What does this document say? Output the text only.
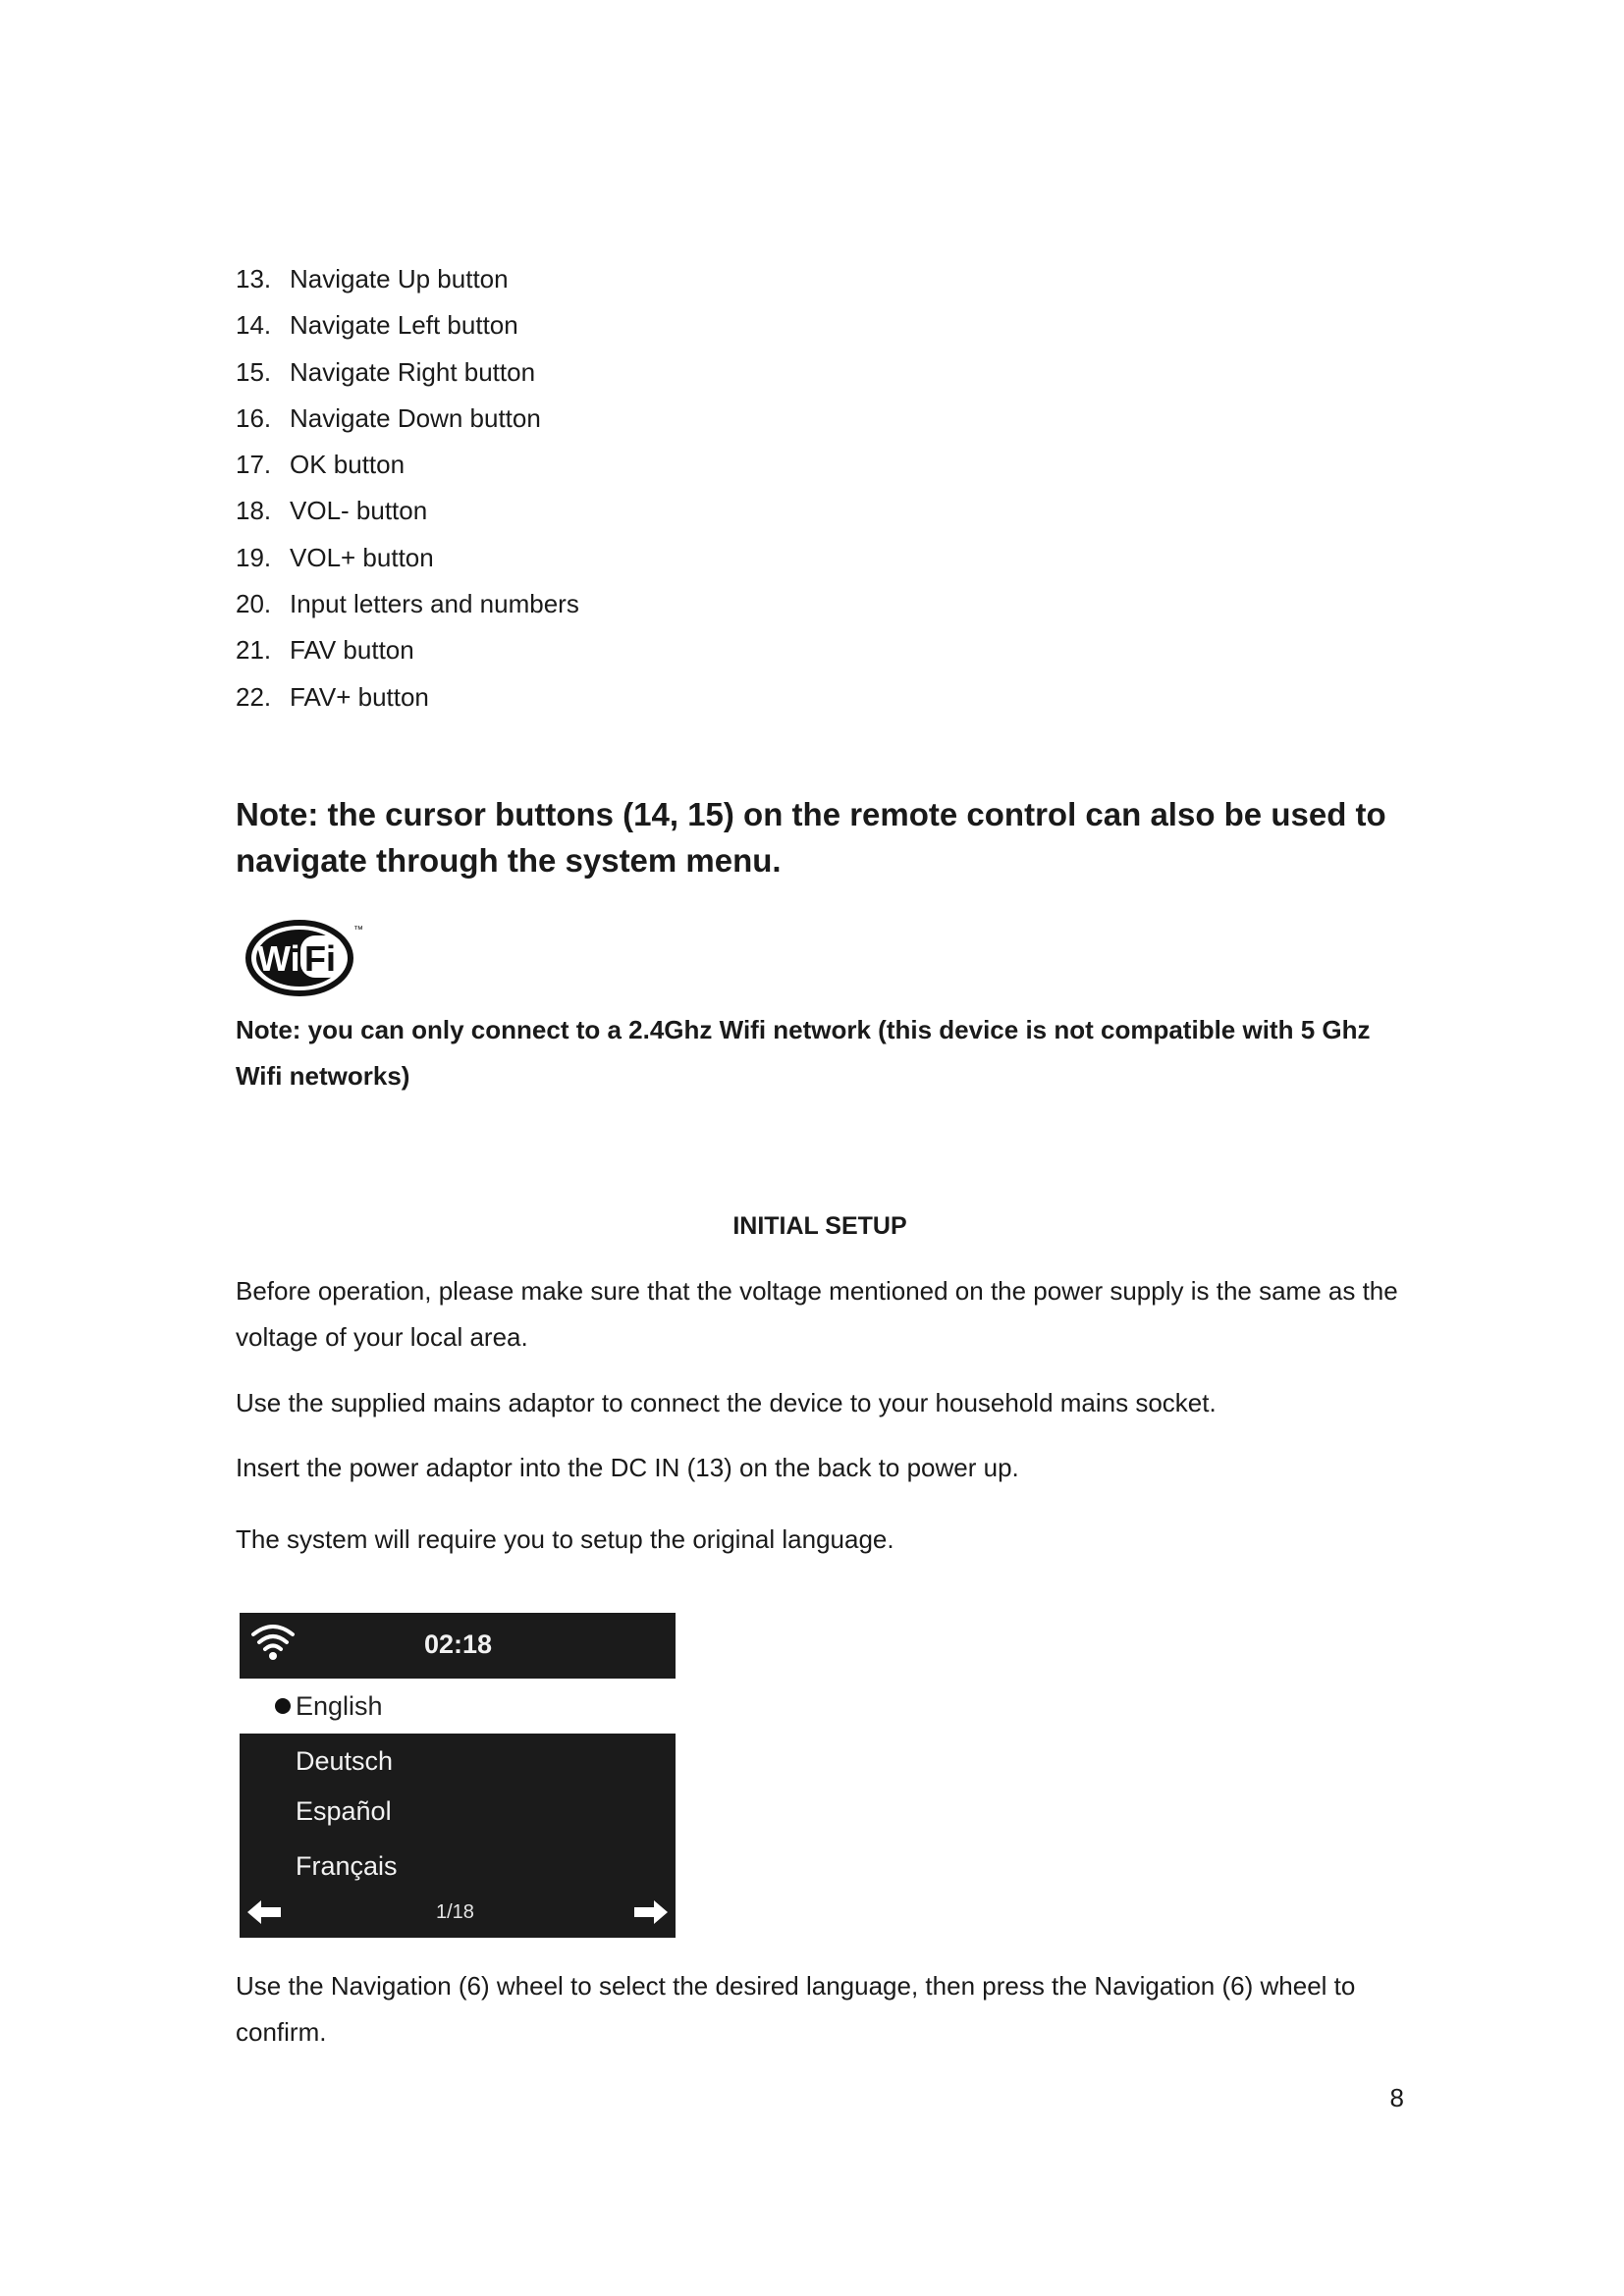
13. Navigate Up button
14. Navigate Left button
15. Navigate Right button
16. Navigate Down button
17. OK button
18. VOL- button
19. VOL+ button
20. Input letters and numbers
21. FAV button
22. FAV+ button

Note: the cursor buttons (14, 15) on the remote control can also be used to navigate through the system menu.

Wi Fi
™

Note: you can only connect to a 2.4Ghz Wifi network (this device is not compatible with 5 Ghz Wifi networks)

INITIAL SETUP

Before operation, please make sure that the voltage mentioned on the power supply is the same as the voltage of your local area.

Use the supplied mains adaptor to connect the device to your household mains socket.

Insert the power adaptor into the DC IN (13) on the back to power up.

The system will require you to setup the original language.

02:18
English
Deutsch
Español
Français
1/18

Use the Navigation (6) wheel to select the desired language, then press the Navigation (6) wheel to confirm.

8
